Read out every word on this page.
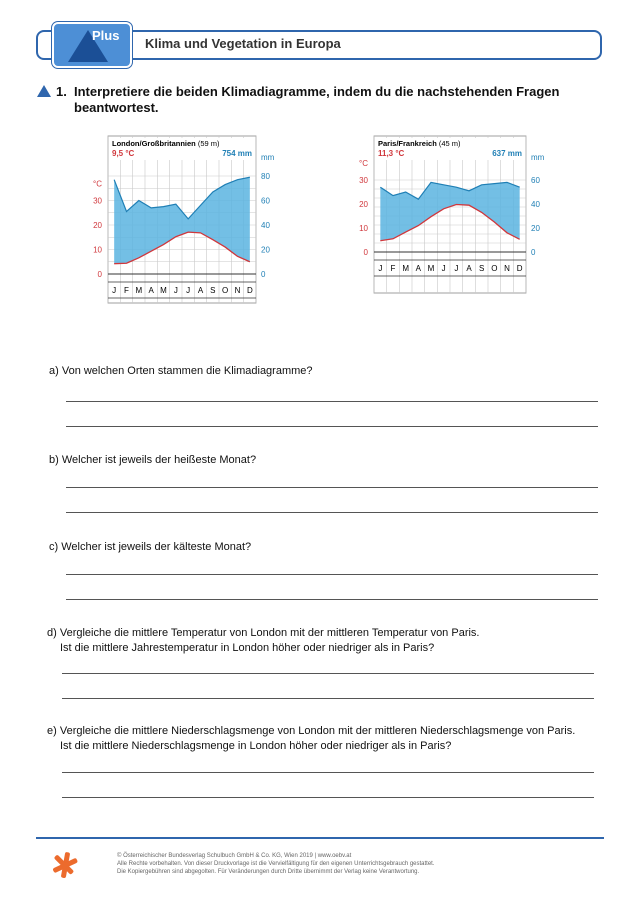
Plus
Klima und Vegetation in Europa
1. Interpretiere die beiden Klimadiagramme, indem du die nachstehenden Fragen beantwortest.
J F M A M J J A S O N D
0
10
20
30
°C
0
20
40
60
80
mm
London/Großbritannien (59 m)
9,5 °C	754 mm
J F M A M J J A S O N D
0
10
20
30
°C
0
20
40
60
mm
Paris/Frankreich (45 m)
11,3 °C	637 mm
a) Von welchen Orten stammen die Klimadiagramme?
b) Welcher ist jeweils der heißeste Monat?
c) Welcher ist jeweils der kälteste Monat?
d) Vergleiche die mittlere Temperatur von London mit der mittleren Temperatur von Paris.
Ist die mittlere Jahrestemperatur in London höher oder niedriger als in Paris?
e) Vergleiche die mittlere Niederschlagsmenge von London mit der mittleren Niederschlagsmenge von Paris.
Ist die mittlere Niederschlagsmenge in London höher oder niedriger als in Paris?
© Österreichischer Bundesverlag Schulbuch GmbH & Co. KG, Wien 2019 | www.oebv.at
Alle Rechte vorbehalten. Von dieser Druckvorlage ist die Vervielfältigung für den eigenen Unterrichtsgebrauch gestattet.
Die Kopiergebühren sind abgegolten. Für Veränderungen durch Dritte übernimmt der Verlag keine Verantwortung.
